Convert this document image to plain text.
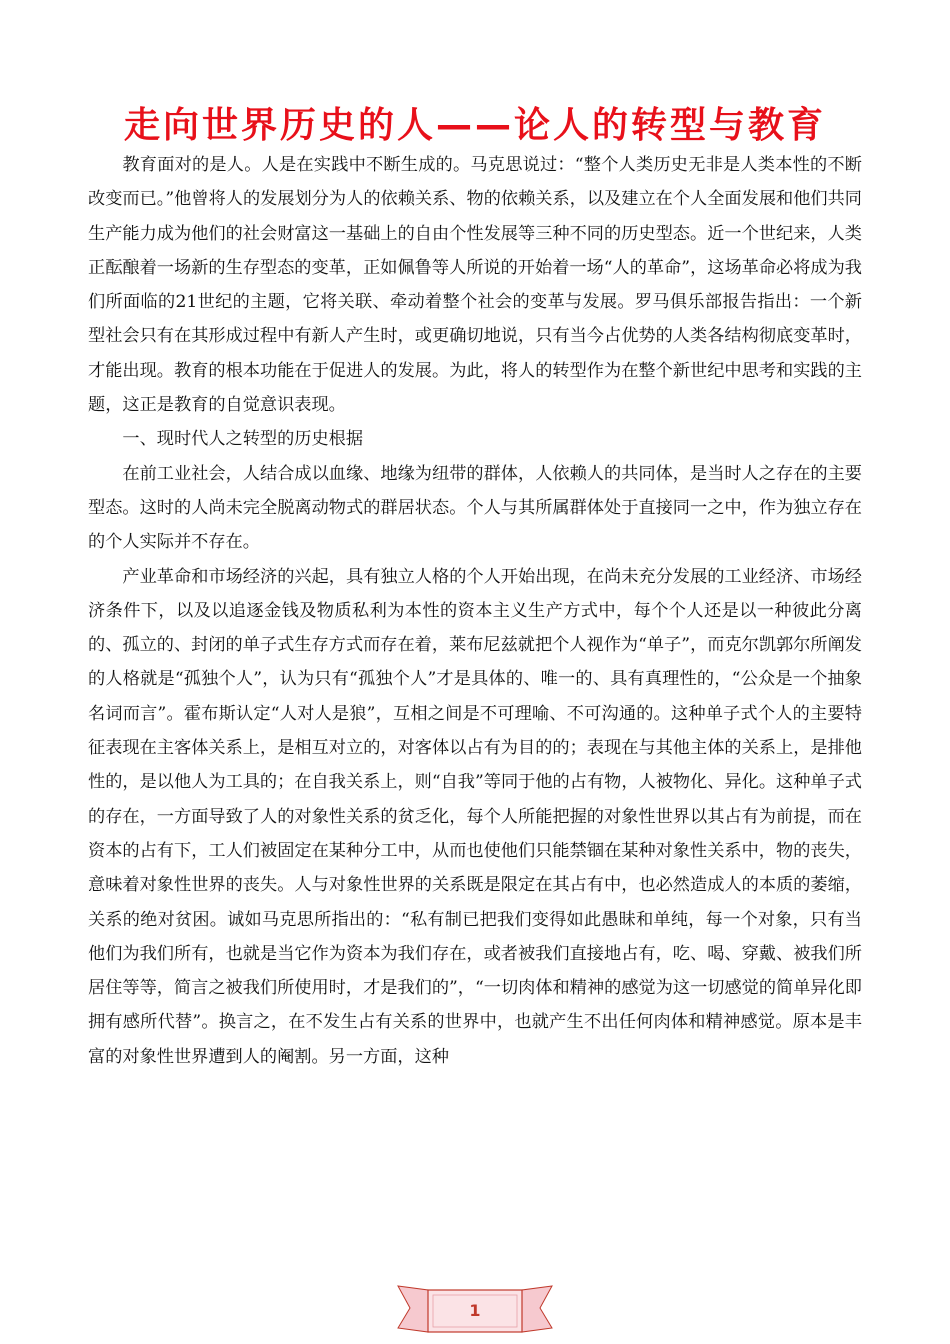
走向世界历史的人——论人的转型与教育

教育面对的是人。人是在实践中不断生成的。马克思说过：“整个人类历史无非是人类本性的不断改变而已。”他曾将人的发展划分为人的依赖关系、物的依赖关系，以及建立在个人全面发展和他们共同生产能力成为他们的社会财富这一基础上的自由个性发展等三种不同的历史型态。近一个世纪来，人类正酝酿着一场新的生存型态的变革，正如佩鲁等人所说的开始着一场“人的革命”，这场革命必将成为我们所面临的21世纪的主题，它将关联、牵动着整个社会的变革与发展。罗马俱乐部报告指出：一个新型社会只有在其形成过程中有新人产生时，或更确切地说，只有当今占优势的人类各结构彻底变革时，才能出现。教育的根本功能在于促进人的发展。为此，将人的转型作为在整个新世纪中思考和实践的主题，这正是教育的自觉意识表现。

一、现时代人之转型的历史根据

在前工业社会，人结合成以血缘、地缘为纽带的群体，人依赖人的共同体，是当时人之存在的主要型态。这时的人尚未完全脱离动物式的群居状态。个人与其所属群体处于直接同一之中，作为独立存在的个人实际并不存在。

产业革命和市场经济的兴起，具有独立人格的个人开始出现，在尚未充分发展的工业经济、市场经济条件下，以及以追逐金钱及物质私利为本性的资本主义生产方式中，每个个人还是以一种彼此分离的、孤立的、封闭的单子式生存方式而存在着，莱布尼兹就把个人视作为“单子”，而克尔凯郭尔所阐发的人格就是“孤独个人”，认为只有“孤独个人”才是具体的、唯一的、具有真理性的，“公众是一个抽象名词而言”。霍布斯认定“人对人是狼”，互相之间是不可理喻、不可沟通的。这种单子式个人的主要特征表现在主客体关系上，是相互对立的，对客体以占有为目的的；表现在与其他主体的关系上，是排他性的，是以他人为工具的；在自我关系上，则“自我”等同于他的占有物，人被物化、异化。这种单子式的存在，一方面导致了人的对象性关系的贫乏化，每个人所能把握的对象性世界以其占有为前提，而在资本的占有下，工人们被固定在某种分工中，从而也使他们只能禁锢在某种对象性关系中，物的丧失，意味着对象性世界的丧失。人与对象性世界的关系既是限定在其占有中，也必然造成人的本质的萎缩，关系的绝对贫困。诚如马克思所指出的：“私有制已把我们变得如此愚昧和单纯，每一个对象，只有当他们为我们所有，也就是当它作为资本为我们存在，或者被我们直接地占有，吃、喝、穿戴、被我们所居住等等，简言之被我们所使用时，才是我们的”，“一切肉体和精神的感觉为这一切感觉的简单异化即拥有感所代替”。换言之，在不发生占有关系的世界中，也就产生不出任何肉体和精神感觉。原本是丰富的对象性世界遭到人的阉割。另一方面，这种

1
